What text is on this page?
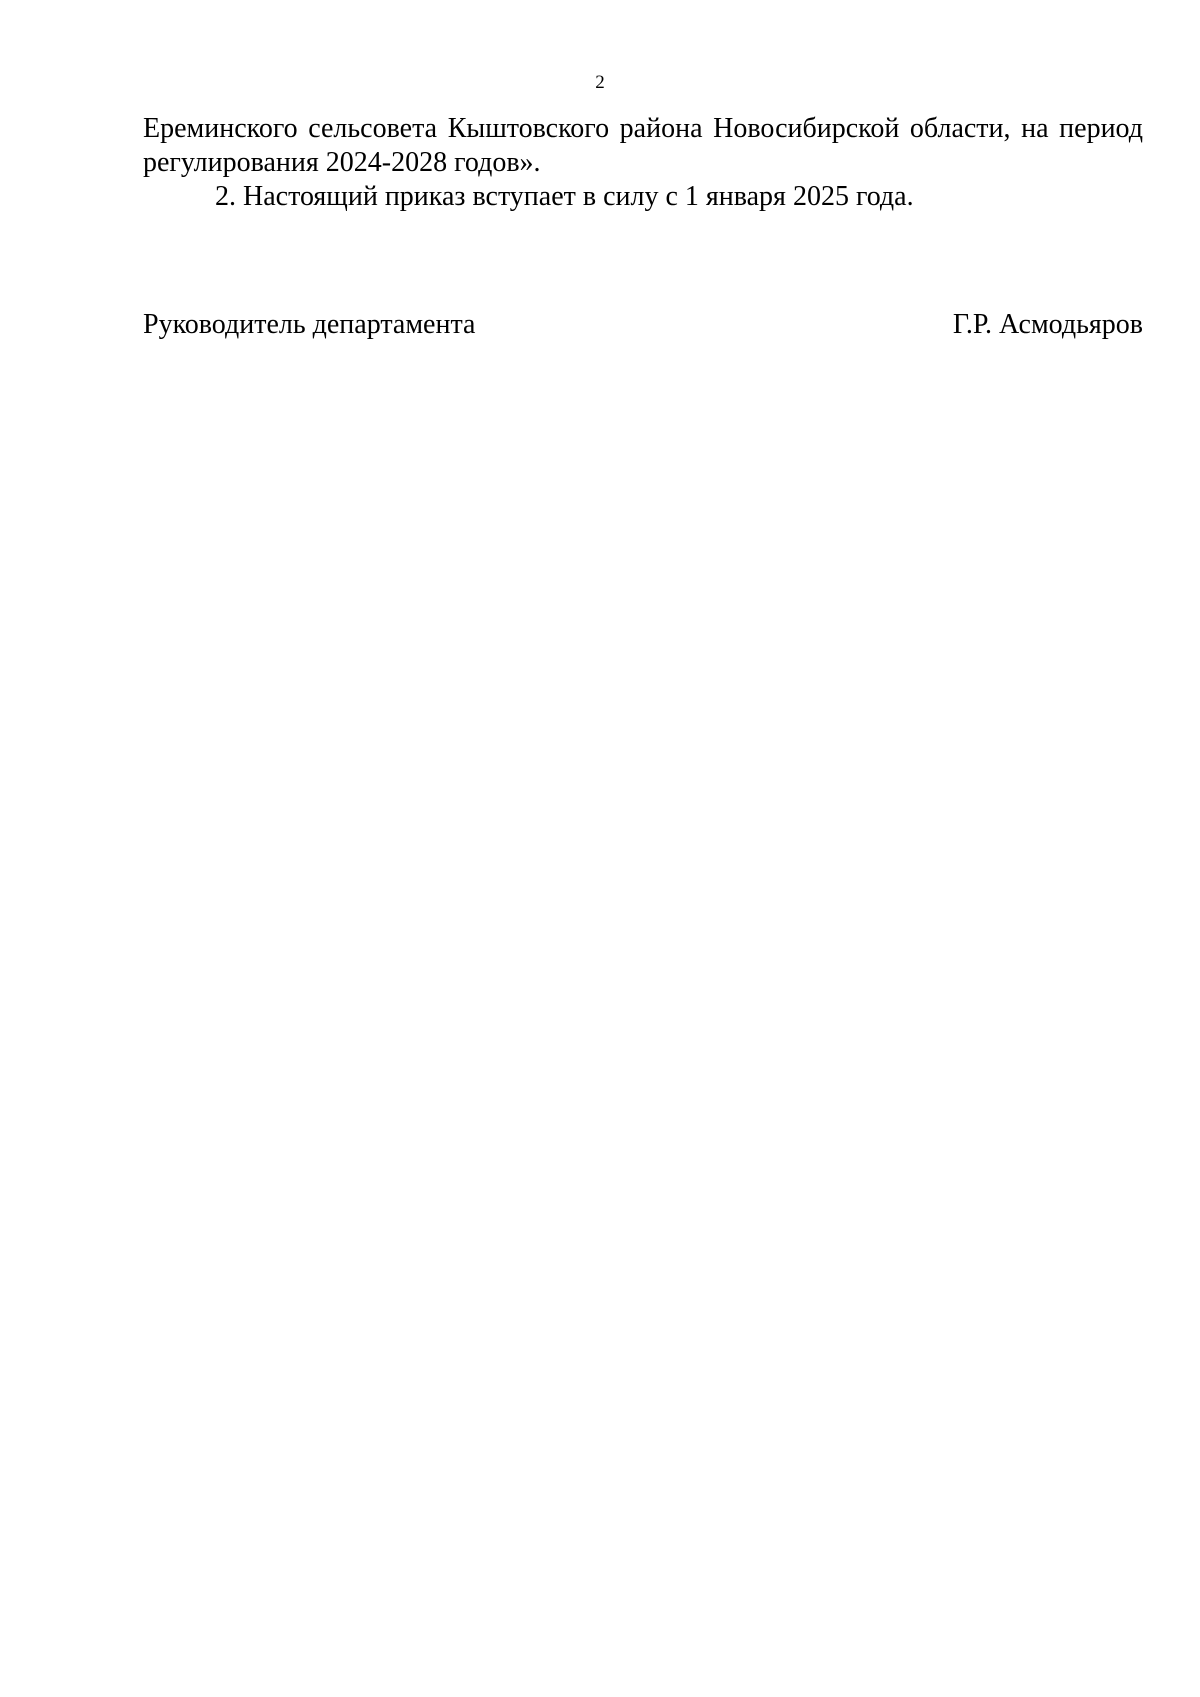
2

Ереминского сельсовета Кыштовского района Новосибирской области, на период регулирования 2024-2028 годов».

2. Настоящий приказ вступает в силу с 1 января 2025 года.

Руководитель департамента	Г.Р. Асмодьяров
